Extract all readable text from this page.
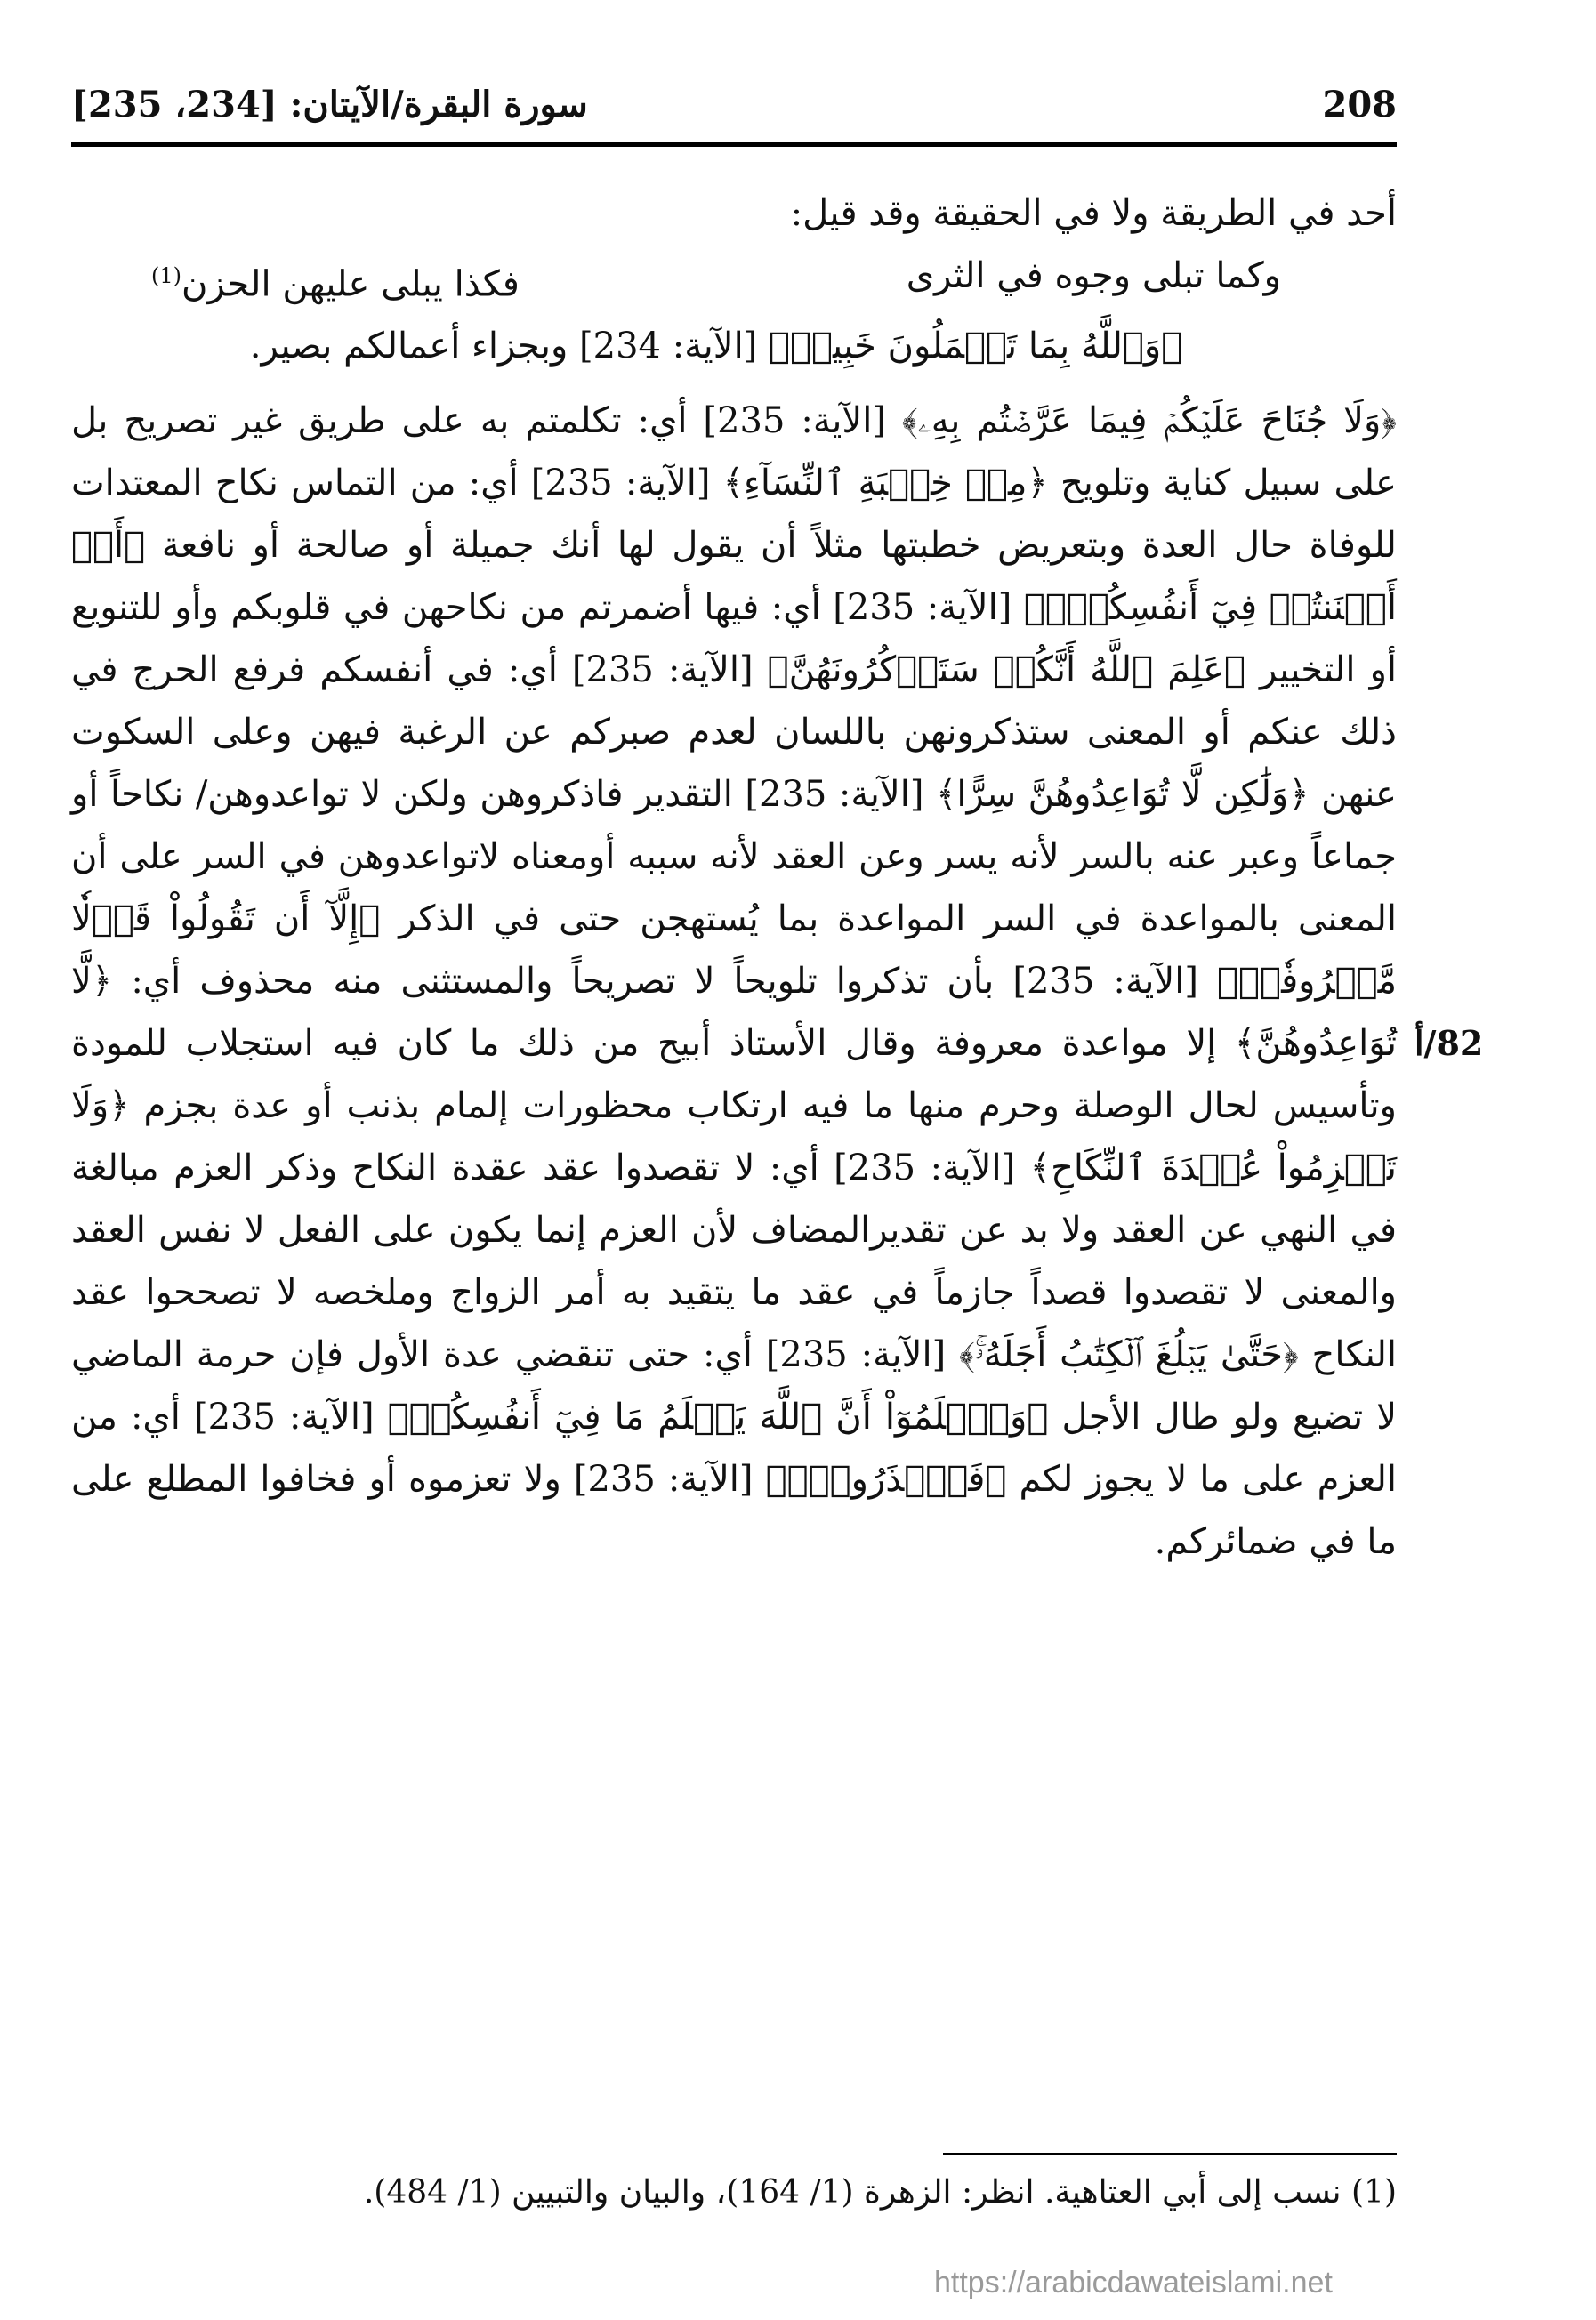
208
سورة البقرة/الآيتان: [234، 235]

أحد في الطريقة ولا في الحقيقة وقد قيل:

وكما تبلى وجوه في الثرى
فكذا يبلى عليهن الحزن$^{(1)}$

﴿وَٱللَّهُ بِمَا تَعۡمَلُونَ خَبِيرٞ﴾ [الآية: 234] وبجزاء أعمالكم بصير.

﴿وَلَا جُنَاحَ عَلَيۡكُمۡ فِيمَا عَرَّضۡتُم بِهِۦ﴾ [الآية: 235] أي: تكلمتم به على طريق غير تصريح بل على سبيل كناية وتلويح ﴿مِنۡ خِطۡبَةِ ٱلنِّسَآءِ﴾ [الآية: 235] أي: من التماس نكاح المعتدات للوفاة حال العدة وبتعريض خطبتها مثلاً أن يقول لها أنك جميلة أو صالحة أو نافعة ﴿أَوۡ أَكۡنَنتُمۡ فِيٓ أَنفُسِكُمۡۚ﴾ [الآية: 235] أي: فيها أضمرتم من نكاحهن في قلوبكم وأو للتنويع أو التخيير ﴿عَلِمَ ٱللَّهُ أَنَّكُمۡ سَتَذۡكُرُونَهُنَّ﴾ [الآية: 235] أي: في أنفسكم فرفع الحرج في ذلك عنكم أو المعنى ستذكرونهن باللسان لعدم صبركم عن الرغبة فيهن وعلى السكوت عنهن ﴿وَلَٰكِن لَّا تُوَاعِدُوهُنَّ سِرًّا﴾ [الآية: 235] التقدير فاذكروهن ولكن لا تواعدوهن/ نكاحاً أو جماعاً وعبر عنه بالسر لأنه يسر وعن العقد لأنه سببه أومعناه لاتواعدوهن في السر على أن المعنى بالمواعدة في السر المواعدة بما يُستهجن حتى في الذكر ﴿إِلَّآ أَن تَقُولُواْ قَوۡلٗا مَّعۡرُوفٗاۚ﴾ [الآية: 235] بأن تذكروا تلويحاً لا تصريحاً والمستثنى منه محذوف أي: ﴿لَّا تُوَاعِدُوهُنَّ﴾ إلا مواعدة معروفة وقال الأستاذ أبيح من ذلك ما كان فيه استجلاب للمودة وتأسيس لحال الوصلة وحرم منها ما فيه ارتكاب محظورات إلمام بذنب أو عدة بجزم ﴿وَلَا تَعۡزِمُواْ عُقۡدَةَ ٱلنِّكَاحِ﴾ [الآية: 235] أي: لا تقصدوا عقد عقدة النكاح وذكر العزم مبالغة في النهي عن العقد ولا بد عن تقديرالمضاف لأن العزم إنما يكون على الفعل لا نفس العقد والمعنى لا تقصدوا قصداً جازماً في عقد ما يتقيد به أمر الزواج وملخصه لا تصححوا عقد النكاح ﴿حَتَّىٰ يَبۡلُغَ ٱلۡكِتَٰبُ أَجَلَهُۥۚ﴾ [الآية: 235] أي: حتى تنقضي عدة الأول فإن حرمة الماضي لا تضيع ولو طال الأجل ﴿وَٱعۡلَمُوٓاْ أَنَّ ٱللَّهَ يَعۡلَمُ مَا فِيٓ أَنفُسِكُمۡ﴾ [الآية: 235] أي: من العزم على ما لا يجوز لكم ﴿فَٱحۡذَرُوهُۚ﴾ [الآية: 235] ولا تعزموه أو فخافوا المطلع على ما في ضمائركم.

82/أ
(1) نسب إلى أبي العتاهية. انظر: الزهرة (1/ 164)، والبيان والتبيين (1/ 484).
https://arabicdawateislami.net
